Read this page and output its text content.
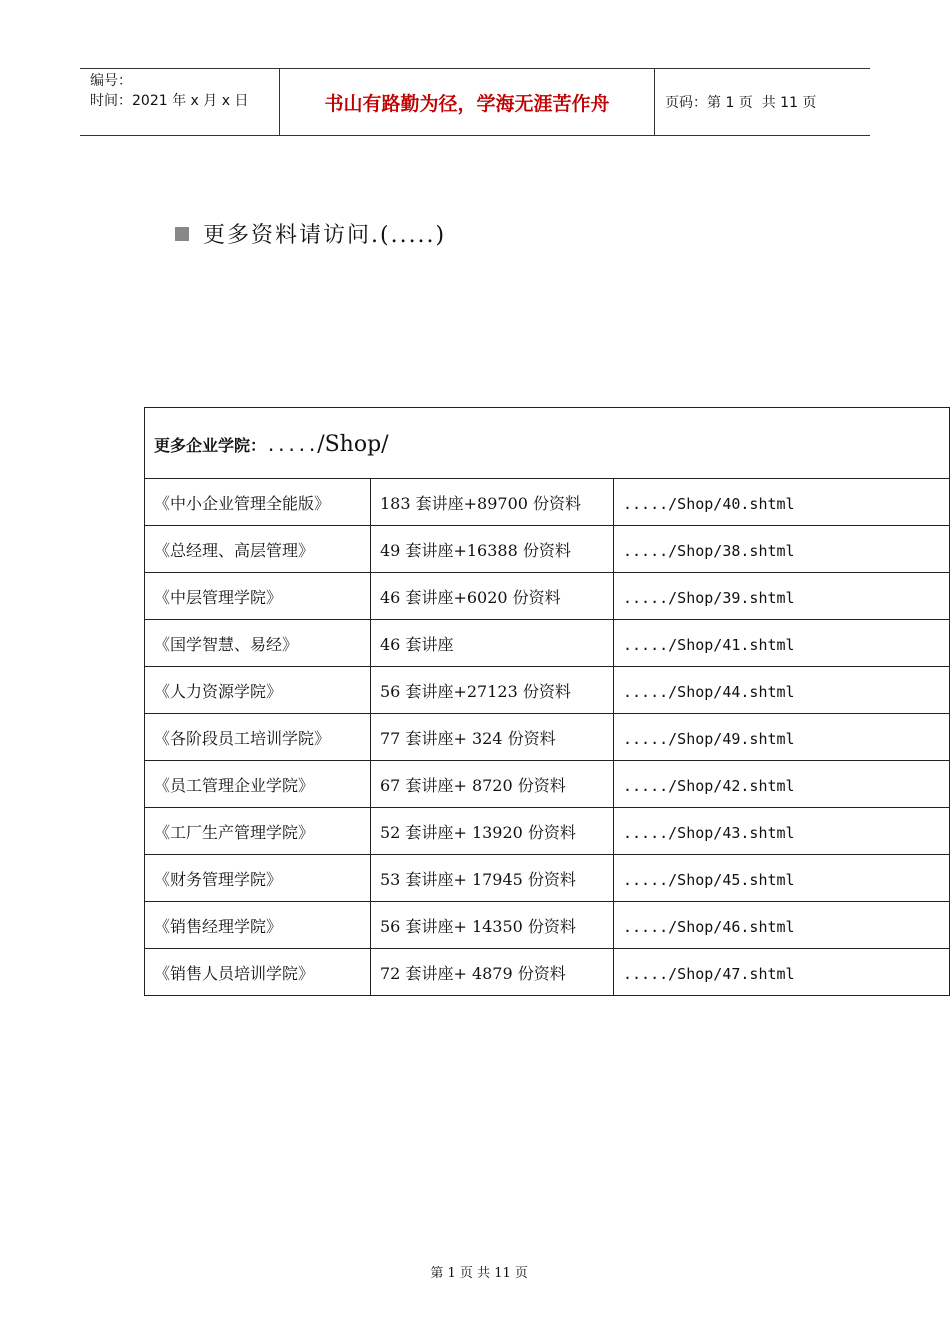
编号：
时间：2021 年 x 月 x 日	书山有路勤为径，学海无涯苦作舟	页码：第 1 页  共 11 页
更多资料请访问.(.....)
更多企业学院：...../Shop/		
《中小企业管理全能版》	183 套讲座+89700 份资料	...../Shop/40.shtml
《总经理、高层管理》	49 套讲座+16388 份资料	...../Shop/38.shtml
《中层管理学院》	46 套讲座+6020 份资料	...../Shop/39.shtml
《国学智慧、易经》	46 套讲座	...../Shop/41.shtml
《人力资源学院》	56 套讲座+27123 份资料	...../Shop/44.shtml
《各阶段员工培训学院》	77 套讲座+ 324 份资料	...../Shop/49.shtml
《员工管理企业学院》	67 套讲座+ 8720 份资料	...../Shop/42.shtml
《工厂生产管理学院》	52 套讲座+ 13920 份资料	...../Shop/43.shtml
《财务管理学院》	53 套讲座+ 17945 份资料	...../Shop/45.shtml
《销售经理学院》	56 套讲座+ 14350 份资料	...../Shop/46.shtml
《销售人员培训学院》	72 套讲座+ 4879 份资料	...../Shop/47.shtml

第 1 页 共 11 页
